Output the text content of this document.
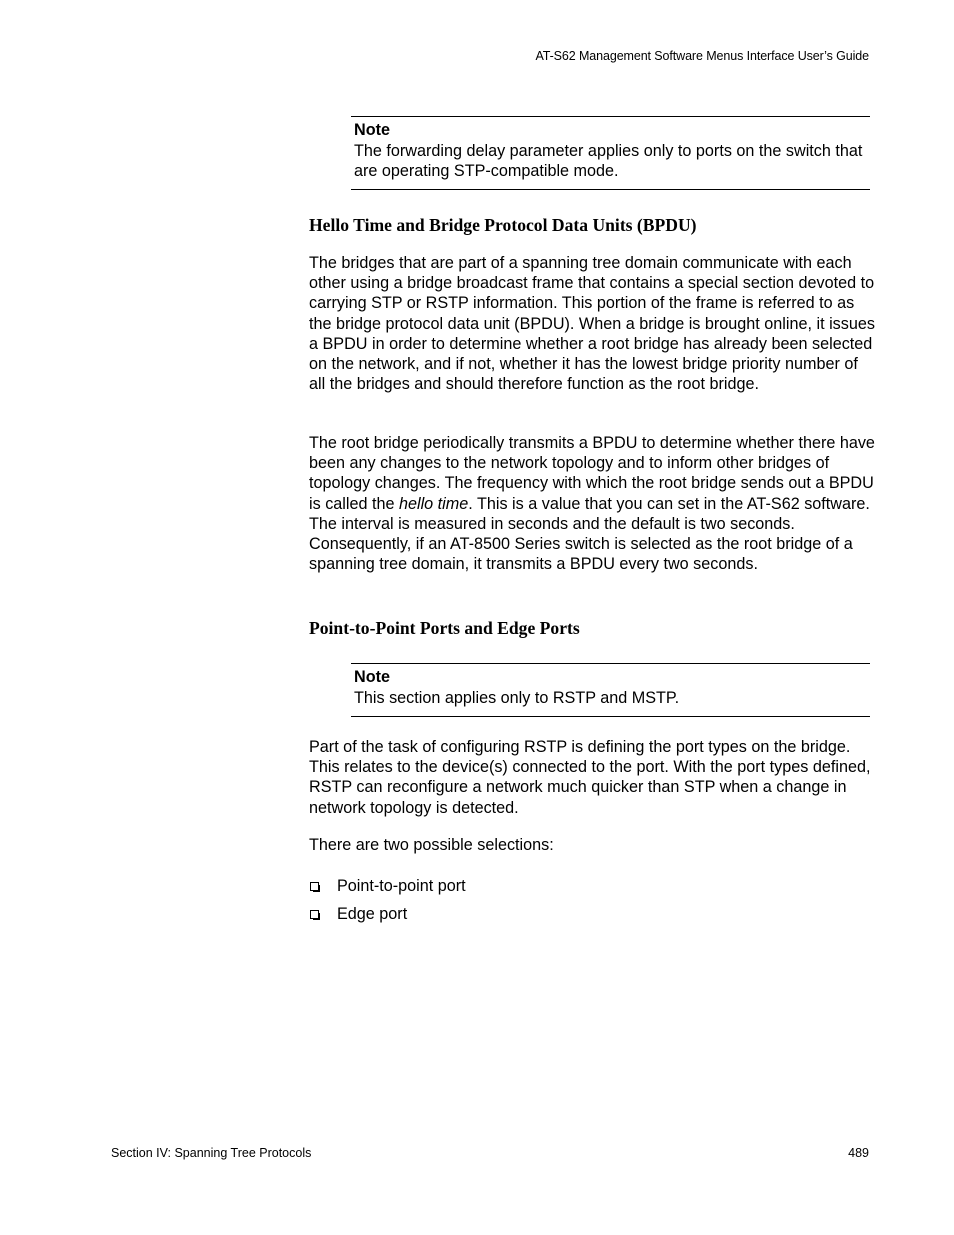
AT-S62 Management Software Menus Interface User’s Guide
Note
The forwarding delay parameter applies only to ports on the switch that are operating STP-compatible mode.
Hello Time and Bridge Protocol Data Units (BPDU)

The bridges that are part of a spanning tree domain communicate with each other using a bridge broadcast frame that contains a special section devoted to carrying STP or RSTP information. This portion of the frame is referred to as the bridge protocol data unit (BPDU). When a bridge is brought online, it issues a BPDU in order to determine whether a root bridge has already been selected on the network, and if not, whether it has the lowest bridge priority number of all the bridges and should therefore function as the root bridge.

The root bridge periodically transmits a BPDU to determine whether there have been any changes to the network topology and to inform other bridges of topology changes. The frequency with which the root bridge sends out a BPDU is called the hello time. This is a value that you can set in the AT-S62 software. The interval is measured in seconds and the default is two seconds. Consequently, if an AT-8500 Series switch is selected as the root bridge of a spanning tree domain, it transmits a BPDU every two seconds.

Point-to-Point Ports and Edge Ports
Note
This section applies only to RSTP and MSTP.

Part of the task of configuring RSTP is defining the port types on the bridge. This relates to the device(s) connected to the port. With the port types defined, RSTP can reconfigure a network much quicker than STP when a change in network topology is detected.

There are two possible selections:

Point-to-point port
Edge port
Section IV: Spanning Tree Protocols	489
